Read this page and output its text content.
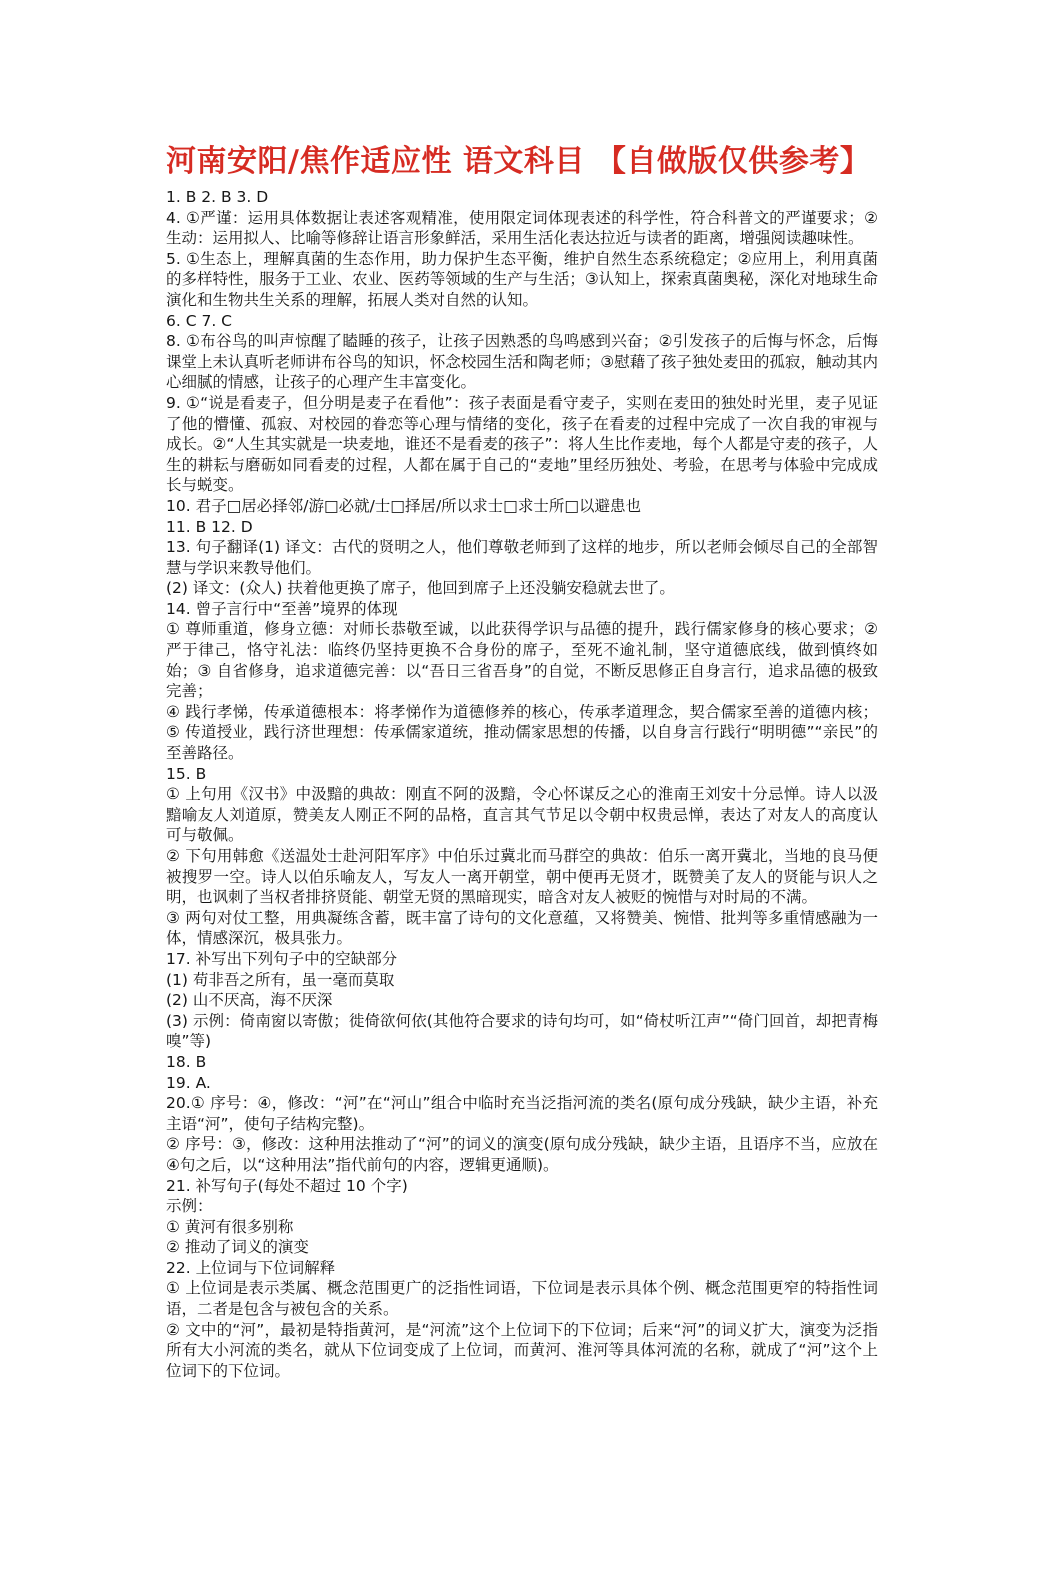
河南安阳/焦作适应性 语文科目 【自做版仅供参考】

1. B 2. B 3. D

4. ①严谨：运用具体数据让表述客观精准，使用限定词体现表述的科学性，符合科普文的严谨要求；②生动：运用拟人、比喻等修辞让语言形象鲜活，采用生活化表达拉近与读者的距离，增强阅读趣味性。

5. ①生态上，理解真菌的生态作用，助力保护生态平衡，维护自然生态系统稳定；②应用上，利用真菌的多样特性，服务于工业、农业、医药等领域的生产与生活；③认知上，探索真菌奥秘，深化对地球生命演化和生物共生关系的理解，拓展人类对自然的认知。

6. C 7. C

8. ①布谷鸟的叫声惊醒了瞌睡的孩子，让孩子因熟悉的鸟鸣感到兴奋；②引发孩子的后悔与怀念，后悔课堂上未认真听老师讲布谷鸟的知识，怀念校园生活和陶老师；③慰藉了孩子独处麦田的孤寂，触动其内心细腻的情感，让孩子的心理产生丰富变化。

9. ①“说是看麦子，但分明是麦子在看他”：孩子表面是看守麦子，实则在麦田的独处时光里，麦子见证了他的懵懂、孤寂、对校园的眷恋等心理与情绪的变化，孩子在看麦的过程中完成了一次自我的审视与成长。②“人生其实就是一块麦地，谁还不是看麦的孩子”：将人生比作麦地，每个人都是守麦的孩子，人生的耕耘与磨砺如同看麦的过程，人都在属于自己的“麦地”里经历独处、考验，在思考与体验中完成成长与蜕变。

10. 君子□居必择邻/游□必就/士□择居/所以求士□求士所□以避患也

11. B 12. D

13. 句子翻译(1) 译文：古代的贤明之人，他们尊敬老师到了这样的地步，所以老师会倾尽自己的全部智慧与学识来教导他们。

(2) 译文：(众人) 扶着他更换了席子，他回到席子上还没躺安稳就去世了。

14. 曾子言行中“至善”境界的体现

① 尊师重道，修身立德：对师长恭敬至诚，以此获得学识与品德的提升，践行儒家修身的核心要求；② 严于律己，恪守礼法：临终仍坚持更换不合身份的席子，至死不逾礼制，坚守道德底线，做到慎终如始；③ 自省修身，追求道德完善：以“吾日三省吾身”的自觉，不断反思修正自身言行，追求品德的极致完善；

④ 践行孝悌，传承道德根本：将孝悌作为道德修养的核心，传承孝道理念，契合儒家至善的道德内核；⑤ 传道授业，践行济世理想：传承儒家道统，推动儒家思想的传播，以自身言行践行“明明德”“亲民”的至善路径。

15. B

① 上句用《汉书》中汲黯的典故：刚直不阿的汲黯，令心怀谋反之心的淮南王刘安十分忌惮。诗人以汲黯喻友人刘道原，赞美友人刚正不阿的品格，直言其气节足以令朝中权贵忌惮，表达了对友人的高度认可与敬佩。

② 下句用韩愈《送温处士赴河阳军序》中伯乐过冀北而马群空的典故：伯乐一离开冀北，当地的良马便被搜罗一空。诗人以伯乐喻友人，写友人一离开朝堂，朝中便再无贤才，既赞美了友人的贤能与识人之明，也讽刺了当权者排挤贤能、朝堂无贤的黑暗现实，暗含对友人被贬的惋惜与对时局的不满。

③ 两句对仗工整，用典凝练含蓄，既丰富了诗句的文化意蕴，又将赞美、惋惜、批判等多重情感融为一体，情感深沉，极具张力。

17. 补写出下列句子中的空缺部分

(1) 苟非吾之所有，虽一毫而莫取

(2) 山不厌高，海不厌深

(3) 示例：倚南窗以寄傲；徙倚欲何依(其他符合要求的诗句均可，如“倚杖听江声”“倚门回首，却把青梅嗅”等)

18. B

19. A.

20.① 序号：④，修改：“河”在“河山”组合中临时充当泛指河流的类名(原句成分残缺，缺少主语，补充主语“河”，使句子结构完整)。

② 序号：③，修改：这种用法推动了“河”的词义的演变(原句成分残缺，缺少主语，且语序不当，应放在④句之后，以“这种用法”指代前句的内容，逻辑更通顺)。

21. 补写句子(每处不超过 10 个字)

示例：

① 黄河有很多别称

② 推动了词义的演变

22. 上位词与下位词解释

① 上位词是表示类属、概念范围更广的泛指性词语，下位词是表示具体个例、概念范围更窄的特指性词语，二者是包含与被包含的关系。

② 文中的“河”，最初是特指黄河，是“河流”这个上位词下的下位词；后来“河”的词义扩大，演变为泛指所有大小河流的类名，就从下位词变成了上位词，而黄河、淮河等具体河流的名称，就成了“河”这个上位词下的下位词。
